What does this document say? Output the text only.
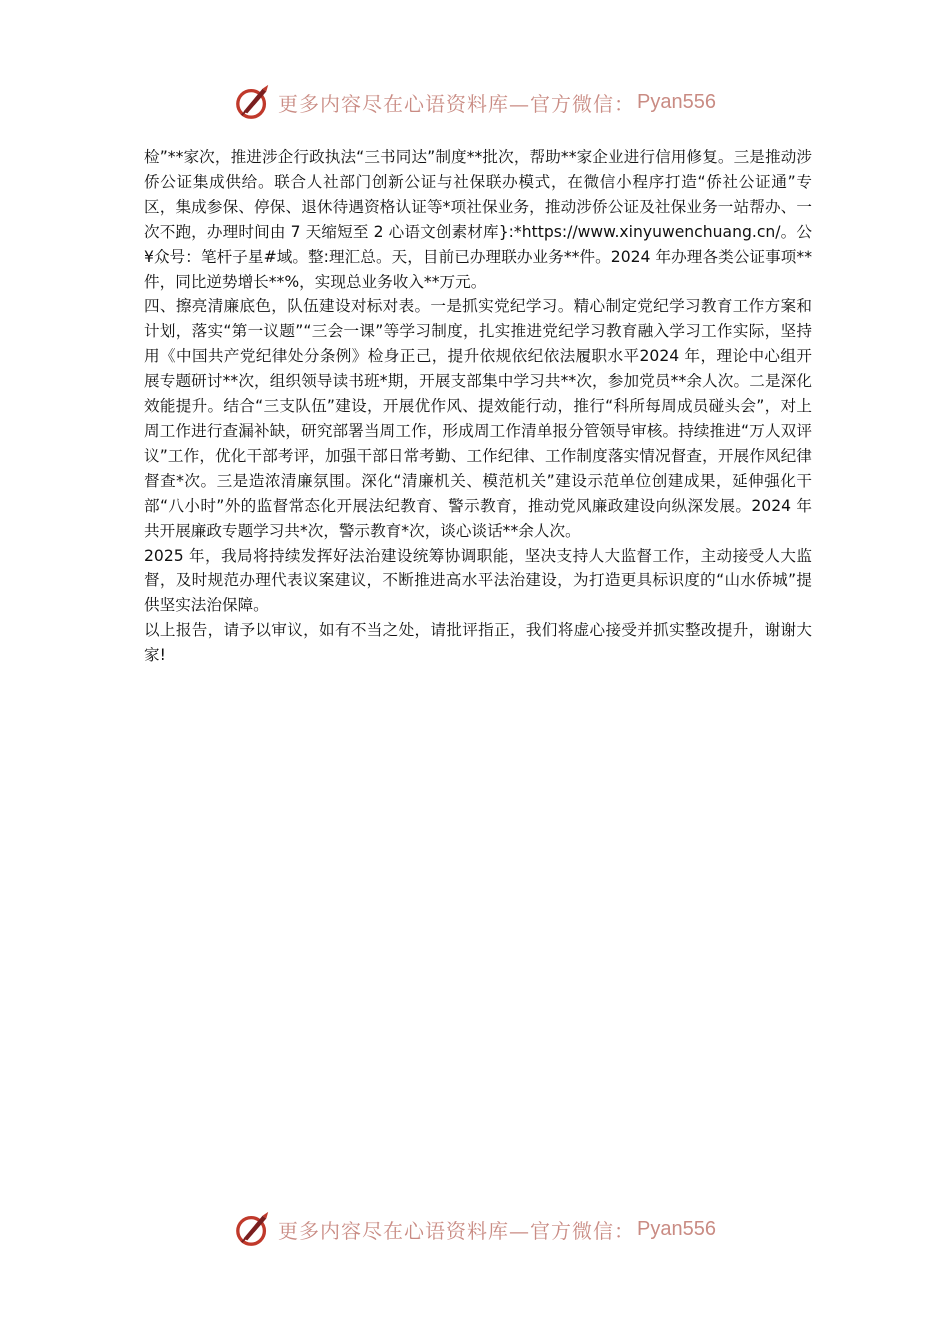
更多内容尽在心语资料库—官方微信： Pyan556

检”**家次，推进涉企行政执法“三书同达”制度**批次，帮助**家企业进行信用修复。三是推动涉侨公证集成供给。联合人社部门创新公证与社保联办模式，在微信小程序打造“侨社公证通”专区，集成参保、停保、退休待遇资格认证等*项社保业务，推动涉侨公证及社保业务一站帮办、一次不跑，办理时间由 7 天缩短至 2 心语文创素材库}:*https://www.xinyuwenchuang.cn/。公¥众号：笔杆子星#域。整:理汇总。天，目前已办理联办业务**件。2024 年办理各类公证事项**件，同比逆势增长**%，实现总业务收入**万元。

四、擦亮清廉底色，队伍建设对标对表。一是抓实党纪学习。精心制定党纪学习教育工作方案和计划，落实“第一议题”“三会一课”等学习制度，扎实推进党纪学习教育融入学习工作实际，坚持用《中国共产党纪律处分条例》检身正己，提升依规依纪依法履职水平2024 年，理论中心组开展专题研讨**次，组织领导读书班*期，开展支部集中学习共**次，参加党员**余人次。二是深化效能提升。结合“三支队伍”建设，开展优作风、提效能行动，推行“科所每周成员碰头会”，对上周工作进行查漏补缺，研究部署当周工作，形成周工作清单报分管领导审核。持续推进“万人双评议”工作，优化干部考评，加强干部日常考勤、工作纪律、工作制度落实情况督查，开展作风纪律督查*次。三是造浓清廉氛围。深化“清廉机关、模范机关”建设示范单位创建成果，延伸强化干部“八小时”外的监督常态化开展法纪教育、警示教育，推动党风廉政建设向纵深发展。2024 年共开展廉政专题学习共*次，警示教育*次，谈心谈话**余人次。

2025 年，我局将持续发挥好法治建设统筹协调职能，坚决支持人大监督工作，主动接受人大监督，及时规范办理代表议案建议，不断推进高水平法治建设，为打造更具标识度的“山水侨城”提供坚实法治保障。

以上报告，请予以审议，如有不当之处，请批评指正，我们将虚心接受并抓实整改提升，谢谢大家!

更多内容尽在心语资料库—官方微信： Pyan556
